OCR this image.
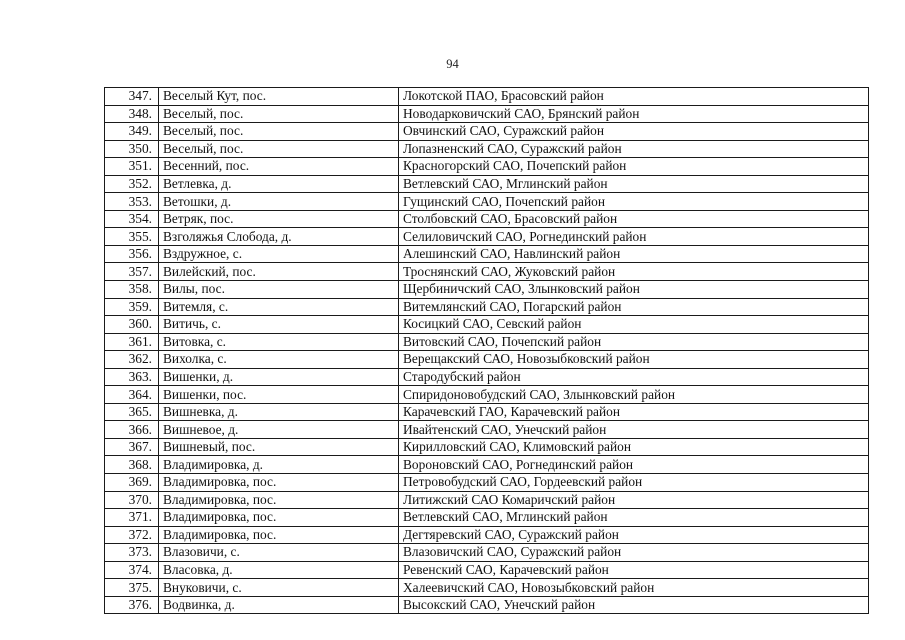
94
347.	Веселый Кут, пос.	Локотской ПАО, Брасовский район
348.	Веселый, пос.	Новодарковичский САО, Брянский район
349.	Веселый, пос.	Овчинский САО, Суражский район
350.	Веселый, пос.	Лопазненский САО, Суражский район
351.	Весенний, пос.	Красногорский САО, Почепский район
352.	Ветлевка, д.	Ветлевский САО, Мглинский район
353.	Ветошки, д.	Гущинский САО, Почепский район
354.	Ветряк, пос.	Столбовский САО, Брасовский район
355.	Взголяжья Слобода, д.	Селиловичский САО, Рогнединский район
356.	Вздружное, с.	Алешинский САО, Навлинский район
357.	Вилейский, пос.	Троснянский САО, Жуковский район
358.	Вилы, пос.	Щербиничский САО, Злынковский район
359.	Витемля, с.	Витемлянский САО, Погарский район
360.	Витичь, с.	Косицкий САО, Севский район
361.	Витовка, с.	Витовский САО, Почепский район
362.	Вихолка, с.	Верещакский САО, Новозыбковский район
363.	Вишенки, д.	Стародубский район
364.	Вишенки, пос.	Спиридоновобудский САО, Злынковский район
365.	Вишневка, д.	Карачевский ГАО, Карачевский район
366.	Вишневое, д.	Ивайтенский САО, Унечский район
367.	Вишневый, пос.	Кирилловский САО, Климовский район
368.	Владимировка, д.	Вороновский САО, Рогнединский район
369.	Владимировка, пос.	Петровобудский САО, Гордеевский район
370.	Владимировка, пос.	Литижский САО Комаричский район
371.	Владимировка, пос.	Ветлевский САО, Мглинский район
372.	Владимировка, пос.	Дегтяревский САО, Суражский район
373.	Влазовичи, с.	Влазовичский САО, Суражский район
374.	Власовка, д.	Ревенский САО, Карачевский район
375.	Внуковичи, с.	Халеевичский САО, Новозыбковский район
376.	Водвинка, д.	Высокский САО, Унечский район
